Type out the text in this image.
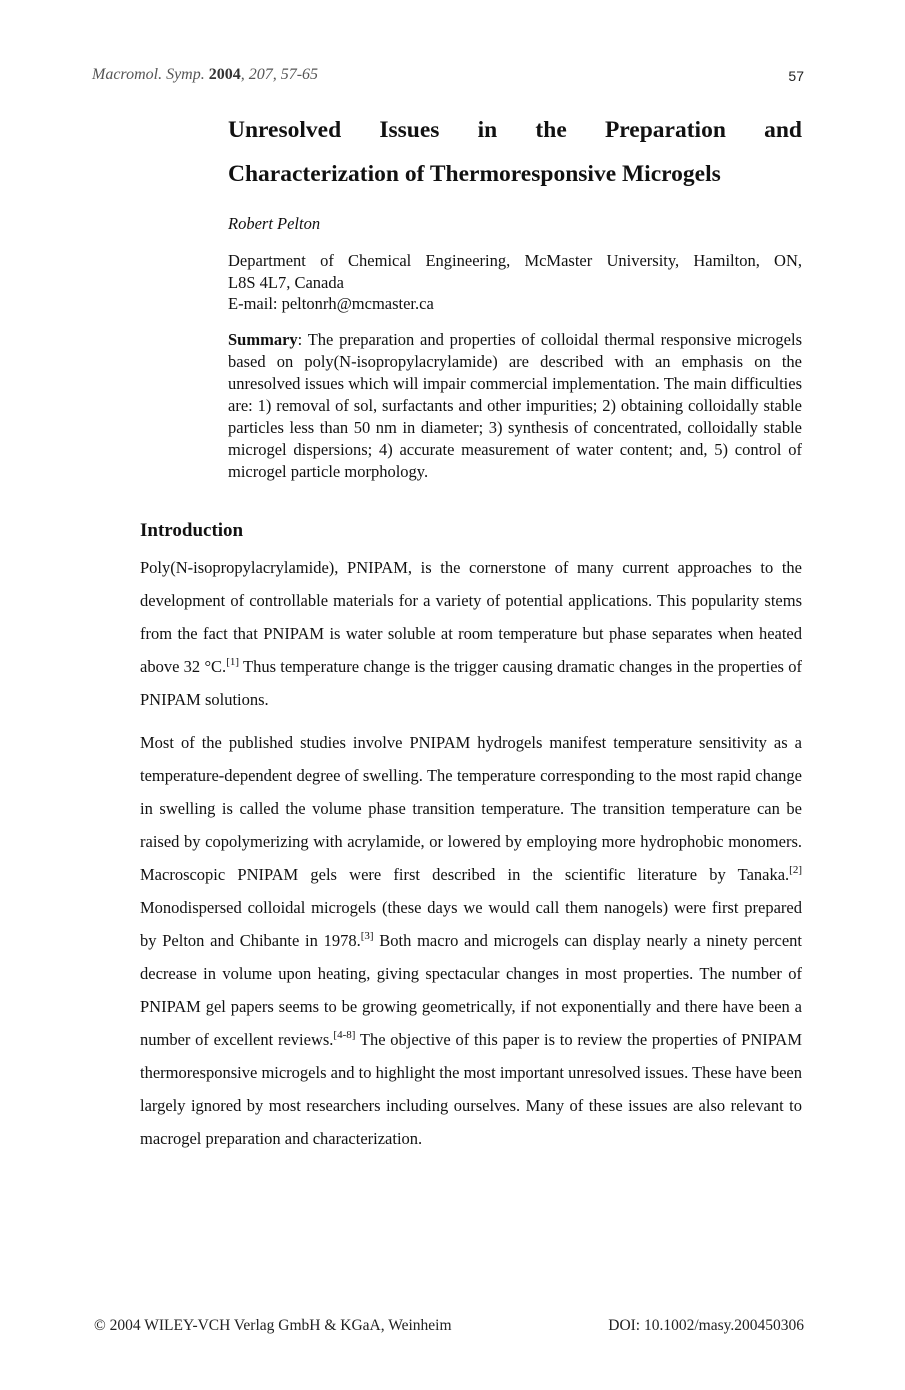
Macromol. Symp. 2004, 207, 57-65	57
Unresolved Issues in the Preparation and
Characterization of Thermoresponsive Microgels
Robert Pelton
Department of Chemical Engineering, McMaster University, Hamilton, ON,
L8S 4L7, Canada
E-mail: peltonrh@mcmaster.ca

Summary: The preparation and properties of colloidal thermal responsive microgels based on poly(N-isopropylacrylamide) are described with an emphasis on the unresolved issues which will impair commercial implementation. The main difficulties are: 1) removal of sol, surfactants and other impurities; 2) obtaining colloidally stable particles less than 50 nm in diameter; 3) synthesis of concentrated, colloidally stable microgel dispersions; 4) accurate measurement of water content; and, 5) control of microgel particle morphology.

Introduction

Poly(N-isopropylacrylamide), PNIPAM, is the cornerstone of many current approaches to the development of controllable materials for a variety of potential applications. This popularity stems from the fact that PNIPAM is water soluble at room temperature but phase separates when heated above 32 °C.[1] Thus temperature change is the trigger causing dramatic changes in the properties of PNIPAM solutions.

Most of the published studies involve PNIPAM hydrogels manifest temperature sensitivity as a temperature-dependent degree of swelling. The temperature corresponding to the most rapid change in swelling is called the volume phase transition temperature. The transition temperature can be raised by copolymerizing with acrylamide, or lowered by employing more hydrophobic monomers. Macroscopic PNIPAM gels were first described in the scientific literature by Tanaka.[2] Monodispersed colloidal microgels (these days we would call them nanogels) were first prepared by Pelton and Chibante in 1978.[3] Both macro and microgels can display nearly a ninety percent decrease in volume upon heating, giving spectacular changes in most properties. The number of PNIPAM gel papers seems to be growing geometrically, if not exponentially and there have been a number of excellent reviews.[4-8] The objective of this paper is to review the properties of PNIPAM thermoresponsive microgels and to highlight the most important unresolved issues. These have been largely ignored by most researchers including ourselves. Many of these issues are also relevant to macrogel preparation and characterization.

© 2004 WILEY-VCH Verlag GmbH & KGaA, Weinheim	DOI: 10.1002/masy.200450306
